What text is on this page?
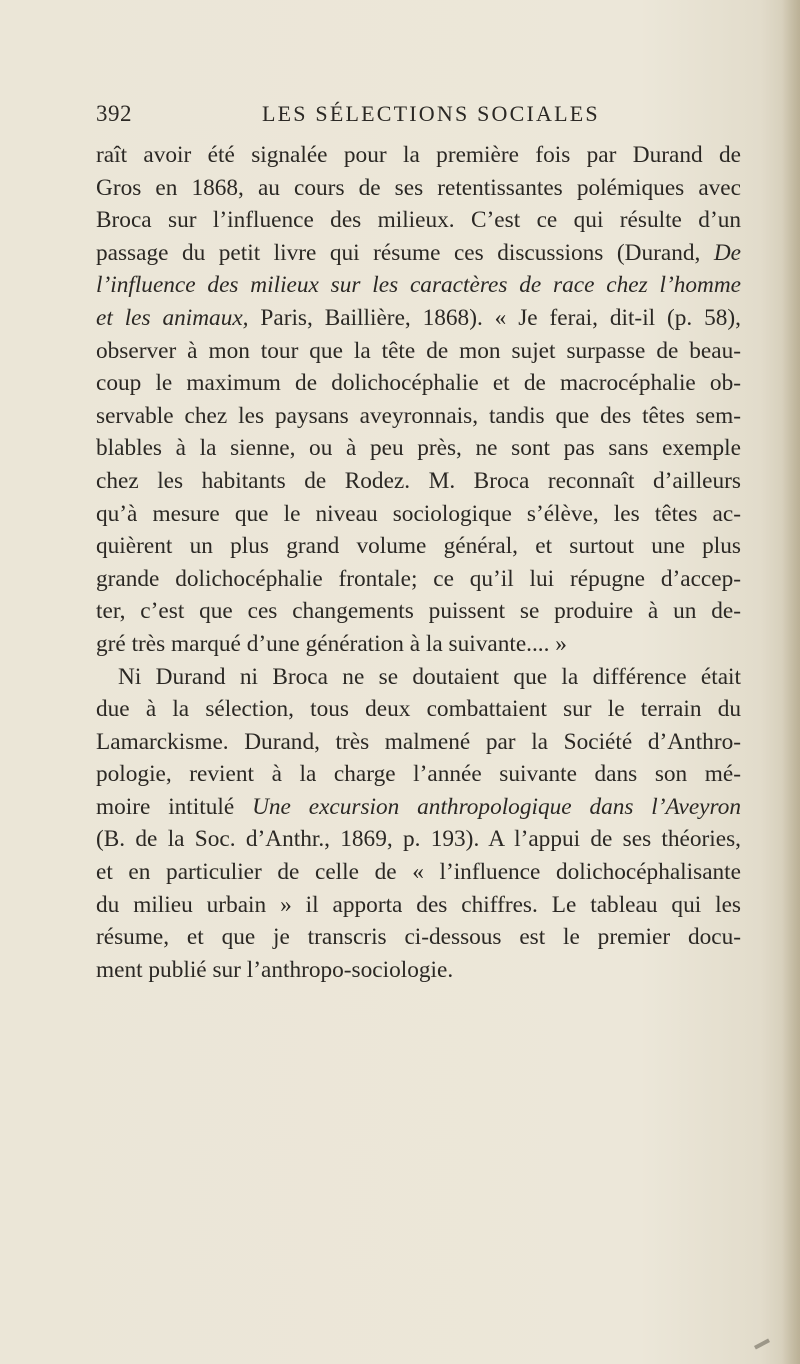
392	LES SÉLECTIONS SOCIALES
raît avoir été signalée pour la première fois par Durand de
Gros en 1868, au cours de ses retentissantes polémiques avec
Broca sur l’influence des milieux. C’est ce qui résulte d’un
passage du petit livre qui résume ces discussions (Durand, De
l’influence des milieux sur les caractères de race chez l’homme
et les animaux, Paris, Baillière, 1868). « Je ferai, dit-il (p. 58),
observer à mon tour que la tête de mon sujet surpasse de beau-
coup le maximum de dolichocéphalie et de macrocéphalie ob-
servable chez les paysans aveyronnais, tandis que des têtes sem-
blables à la sienne, ou à peu près, ne sont pas sans exemple
chez les habitants de Rodez. M. Broca reconnaît d’ailleurs
qu’à mesure que le niveau sociologique s’élève, les têtes ac-
quièrent un plus grand volume général, et surtout une plus
grande dolichocéphalie frontale; ce qu’il lui répugne d’accep-
ter, c’est que ces changements puissent se produire à un de-
gré très marqué d’une génération à la suivante.... »
Ni Durand ni Broca ne se doutaient que la différence était
due à la sélection, tous deux combattaient sur le terrain du
Lamarckisme. Durand, très malmené par la Société d’Anthro-
pologie, revient à la charge l’année suivante dans son mé-
moire intitulé Une excursion anthropologique dans l’Aveyron
(B. de la Soc. d’Anthr., 1869, p. 193). A l’appui de ses théories,
et en particulier de celle de « l’influence dolichocéphalisante
du milieu urbain » il apporta des chiffres. Le tableau qui les
résume, et que je transcris ci-dessous est le premier docu-
ment publié sur l’anthropo-sociologie.
